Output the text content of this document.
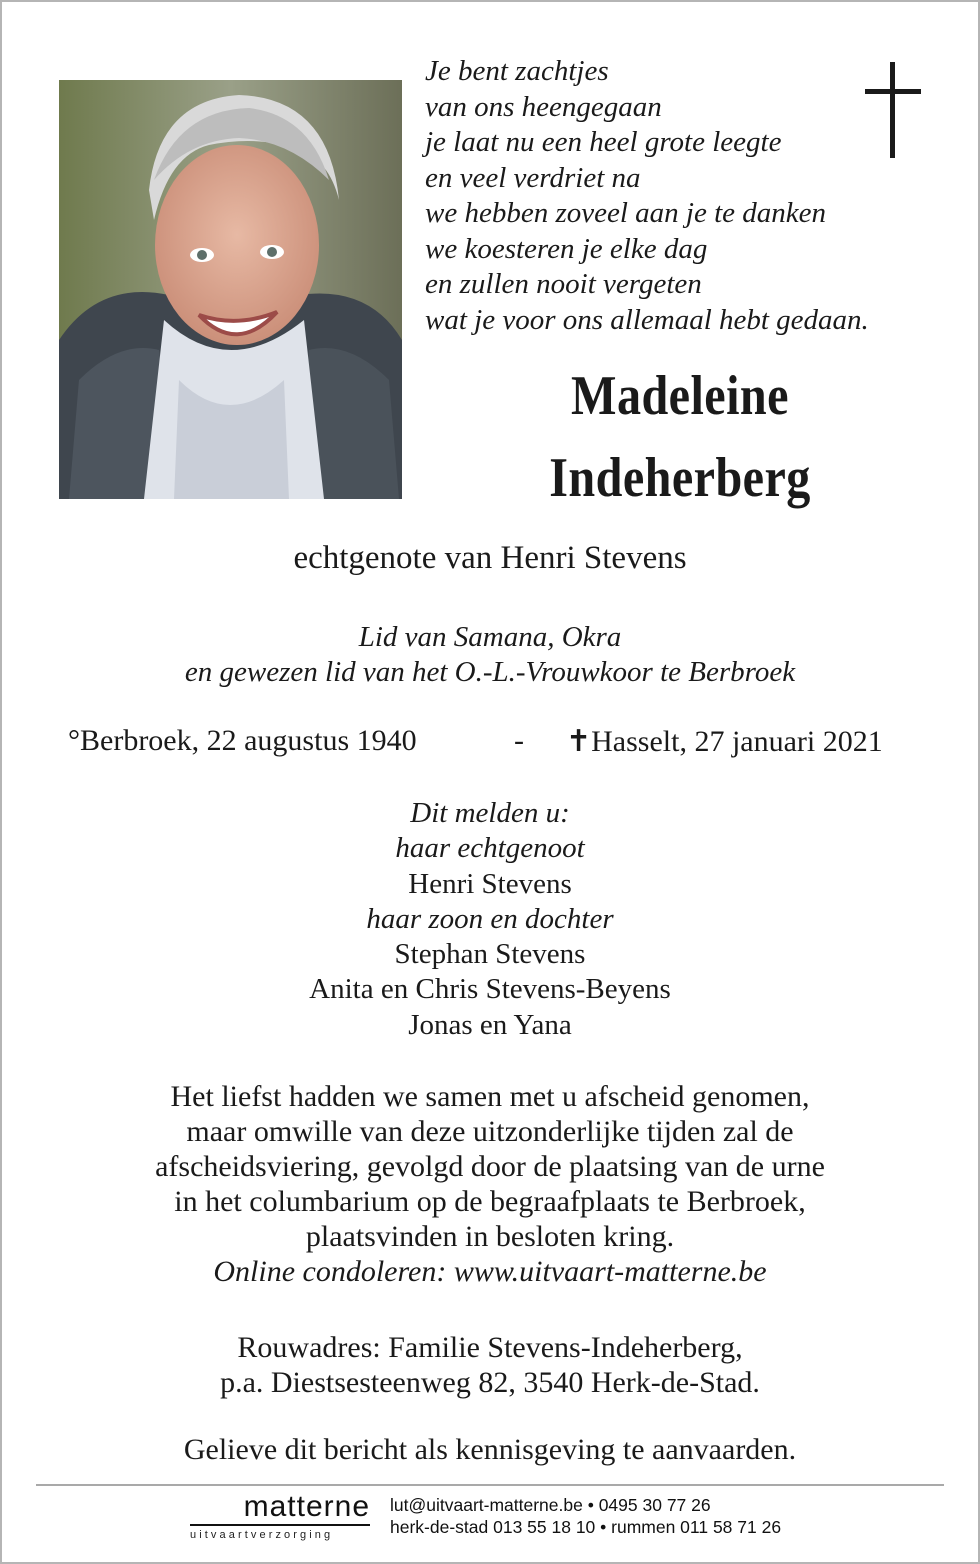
Je bent zachtjes
van ons heengegaan
je laat nu een heel grote leegte
en veel verdriet na
we hebben zoveel aan je te danken
we koesteren je elke dag
en zullen nooit vergeten
wat je voor ons allemaal hebt gedaan.
Madeleine
Indeherberg
echtgenote van Henri Stevens
Lid van Samana, Okra
en gewezen lid van het O.-L.-Vrouwkoor te Berbroek
°Berbroek, 22 augustus 1940	- ✝Hasselt, 27 januari 2021
Dit melden u:
haar echtgenoot
Henri Stevens
haar zoon en dochter
Stephan Stevens
Anita en Chris Stevens-Beyens
Jonas en Yana
Het liefst hadden we samen met u afscheid genomen,
maar omwille van deze uitzonderlijke tijden zal de
afscheidsviering, gevolgd door de plaatsing van de urne
in het columbarium op de begraafplaats te Berbroek,
plaatsvinden in besloten kring.
Online condoleren: www.uitvaart-matterne.be
Rouwadres: Familie Stevens-Indeherberg,
p.a. Diestsesteenweg 82, 3540 Herk-de-Stad.
Gelieve dit bericht als kennisgeving te aanvaarden.
matterne
uitvaartverzorging
lut@uitvaart-matterne.be • 0495 30 77 26
herk-de-stad 013 55 18 10 • rummen 011 58 71 26
